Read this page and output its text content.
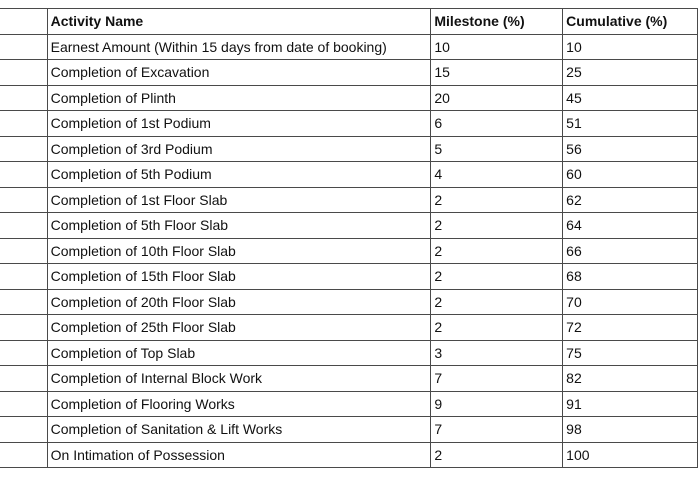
	Activity Name	Milestone (%)	Cumulative (%)
	Earnest Amount (Within 15 days from date of booking)	10	10
	Completion of Excavation	15	25
	Completion of Plinth	20	45
	Completion of 1st Podium	6	51
	Completion of 3rd Podium	5	56
	Completion of 5th Podium	4	60
	Completion of 1st Floor Slab	2	62
	Completion of 5th Floor Slab	2	64
	Completion of 10th Floor Slab	2	66
	Completion of 15th Floor Slab	2	68
	Completion of 20th Floor Slab	2	70
	Completion of 25th Floor Slab	2	72
	Completion of Top Slab	3	75
	Completion of Internal Block Work	7	82
	Completion of Flooring Works	9	91
	Completion of Sanitation & Lift Works	7	98
	On Intimation of Possession	2	100
